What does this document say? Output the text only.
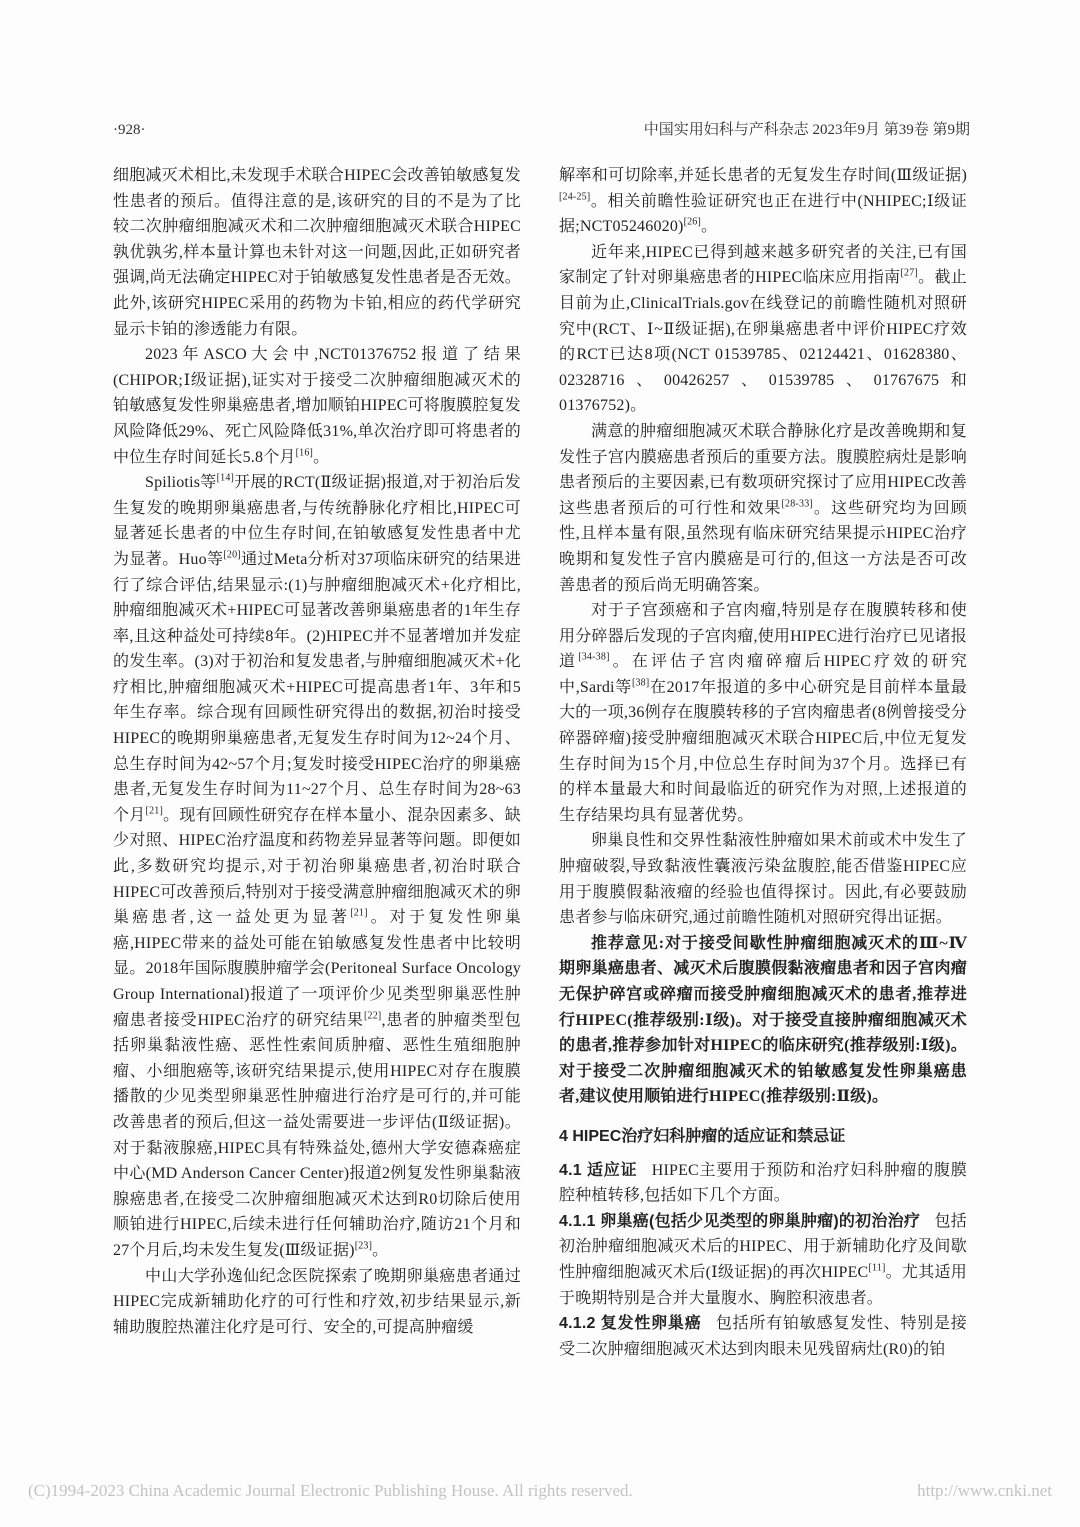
·928·	中国实用妇科与产科杂志 2023年9月 第39卷 第9期

细胞减灭术相比,未发现手术联合HIPEC会改善铂敏感复发性患者的预后。值得注意的是,该研究的目的不是为了比较二次肿瘤细胞减灭术和二次肿瘤细胞减灭术联合HIPEC孰优孰劣,样本量计算也未针对这一问题,因此,正如研究者强调,尚无法确定HIPEC对于铂敏感复发性患者是否无效。此外,该研究HIPEC采用的药物为卡铂,相应的药代学研究显示卡铂的渗透能力有限。

2023年ASCO大会中,NCT01376752报道了结果(CHIPOR;Ⅰ级证据),证实对于接受二次肿瘤细胞减灭术的铂敏感复发性卵巢癌患者,增加顺铂HIPEC可将腹膜腔复发风险降低29%、死亡风险降低31%,单次治疗即可将患者的中位生存时间延长5.8个月[16]。

Spiliotis等[14]开展的RCT(Ⅱ级证据)报道,对于初治后发生复发的晚期卵巢癌患者,与传统静脉化疗相比,HIPEC可显著延长患者的中位生存时间,在铂敏感复发性患者中尤为显著。Huo等[20]通过Meta分析对37项临床研究的结果进行了综合评估,结果显示:(1)与肿瘤细胞减灭术+化疗相比,肿瘤细胞减灭术+HIPEC可显著改善卵巢癌患者的1年生存率,且这种益处可持续8年。(2)HIPEC并不显著增加并发症的发生率。(3)对于初治和复发患者,与肿瘤细胞减灭术+化疗相比,肿瘤细胞减灭术+HIPEC可提高患者1年、3年和5年生存率。综合现有回顾性研究得出的数据,初治时接受HIPEC的晚期卵巢癌患者,无复发生存时间为12~24个月、总生存时间为42~57个月;复发时接受HIPEC治疗的卵巢癌患者,无复发生存时间为11~27个月、总生存时间为28~63个月[21]。现有回顾性研究存在样本量小、混杂因素多、缺少对照、HIPEC治疗温度和药物差异显著等问题。即便如此,多数研究均提示,对于初治卵巢癌患者,初治时联合HIPEC可改善预后,特别对于接受满意肿瘤细胞减灭术的卵巢癌患者,这一益处更为显著[21]。对于复发性卵巢癌,HIPEC带来的益处可能在铂敏感复发性患者中比较明显。2018年国际腹膜肿瘤学会(Peritoneal Surface Oncology Group International)报道了一项评价少见类型卵巢恶性肿瘤患者接受HIPEC治疗的研究结果[22],患者的肿瘤类型包括卵巢黏液性癌、恶性性索间质肿瘤、恶性生殖细胞肿瘤、小细胞癌等,该研究结果提示,使用HIPEC对存在腹膜播散的少见类型卵巢恶性肿瘤进行治疗是可行的,并可能改善患者的预后,但这一益处需要进一步评估(Ⅱ级证据)。对于黏液腺癌,HIPEC具有特殊益处,德州大学安德森癌症中心(MD Anderson Cancer Center)报道2例复发性卵巢黏液腺癌患者,在接受二次肿瘤细胞减灭术达到R0切除后使用顺铂进行HIPEC,后续未进行任何辅助治疗,随访21个月和27个月后,均未发生复发(Ⅲ级证据)[23]。

中山大学孙逸仙纪念医院探索了晚期卵巢癌患者通过HIPEC完成新辅助化疗的可行性和疗效,初步结果显示,新辅助腹腔热灌注化疗是可行、安全的,可提高肿瘤缓

解率和可切除率,并延长患者的无复发生存时间(Ⅲ级证据)[24-25]。相关前瞻性验证研究也正在进行中(NHIPEC;Ⅰ级证据;NCT05246020)[26]。

近年来,HIPEC已得到越来越多研究者的关注,已有国家制定了针对卵巢癌患者的HIPEC临床应用指南[27]。截止目前为止,ClinicalTrials.gov在线登记的前瞻性随机对照研究中(RCT、Ⅰ~Ⅱ级证据),在卵巢癌患者中评价HIPEC疗效的RCT已达8项(NCT 01539785、02124421、01628380、02328716、00426257、01539785、01767675和01376752)。

满意的肿瘤细胞减灭术联合静脉化疗是改善晚期和复发性子宫内膜癌患者预后的重要方法。腹膜腔病灶是影响患者预后的主要因素,已有数项研究探讨了应用HIPEC改善这些患者预后的可行性和效果[28-33]。这些研究均为回顾性,且样本量有限,虽然现有临床研究结果提示HIPEC治疗晚期和复发性子宫内膜癌是可行的,但这一方法是否可改善患者的预后尚无明确答案。

对于子宫颈癌和子宫肉瘤,特别是存在腹膜转移和使用分碎器后发现的子宫肉瘤,使用HIPEC进行治疗已见诸报道[34-38]。在评估子宫肉瘤碎瘤后HIPEC疗效的研究中,Sardi等[38]在2017年报道的多中心研究是目前样本量最大的一项,36例存在腹膜转移的子宫肉瘤患者(8例曾接受分碎器碎瘤)接受肿瘤细胞减灭术联合HIPEC后,中位无复发生存时间为15个月,中位总生存时间为37个月。选择已有的样本量最大和时间最临近的研究作为对照,上述报道的生存结果均具有显著优势。

卵巢良性和交界性黏液性肿瘤如果术前或术中发生了肿瘤破裂,导致黏液性囊液污染盆腹腔,能否借鉴HIPEC应用于腹膜假黏液瘤的经验也值得探讨。因此,有必要鼓励患者参与临床研究,通过前瞻性随机对照研究得出证据。

推荐意见:对于接受间歇性肿瘤细胞减灭术的Ⅲ~Ⅳ期卵巢癌患者、减灭术后腹膜假黏液瘤患者和因子宫肉瘤无保护碎宫或碎瘤而接受肿瘤细胞减灭术的患者,推荐进行HIPEC(推荐级别:Ⅰ级)。对于接受直接肿瘤细胞减灭术的患者,推荐参加针对HIPEC的临床研究(推荐级别:Ⅰ级)。对于接受二次肿瘤细胞减灭术的铂敏感复发性卵巢癌患者,建议使用顺铂进行HIPEC(推荐级别:Ⅱ级)。

4 HIPEC治疗妇科肿瘤的适应证和禁忌证

4.1 适应证 HIPEC主要用于预防和治疗妇科肿瘤的腹膜腔种植转移,包括如下几个方面。

4.1.1 卵巢癌(包括少见类型的卵巢肿瘤)的初治治疗 包括初治肿瘤细胞减灭术后的HIPEC、用于新辅助化疗及间歇性肿瘤细胞减灭术后(Ⅰ级证据)的再次HIPEC[11]。尤其适用于晚期特别是合并大量腹水、胸腔积液患者。

4.1.2 复发性卵巢癌 包括所有铂敏感复发性、特别是接受二次肿瘤细胞减灭术达到肉眼未见残留病灶(R0)的铂

(C)1994-2023 China Academic Journal Electronic Publishing House. All rights reserved.	http://www.cnki.net
